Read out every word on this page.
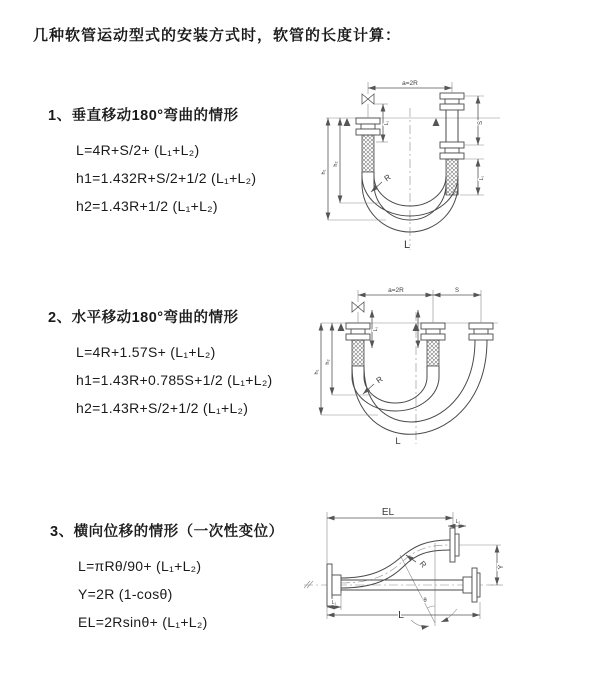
几种软管运动型式的安装方式时，软管的长度计算：
1、垂直移动180°弯曲的情形
L=4R+S/2+ (L₁+L₂)
h1=1.432R+S/2+1/2 (L₁+L₂)
h2=1.43R+1/2 (L₁+L₂)
a=2R
S
L₁
L₁
h₁
h₂
R
L
2、水平移动180°弯曲的情形
L=4R+1.57S+ (L₁+L₂)
h1=1.43R+0.785S+1/2 (L₁+L₂)
h2=1.43R+S/2+1/2 (L₁+L₂)
a=2R	S
L₁
h₁
h₂
R
L
3、横向位移的情形（一次性变位）
L=πRθ/90+ (L₁+L₂)
Y=2R (1-cosθ)
EL=2Rsinθ+ (L₁+L₂)
EL
L₂
Y
θ
R
L₁
L
